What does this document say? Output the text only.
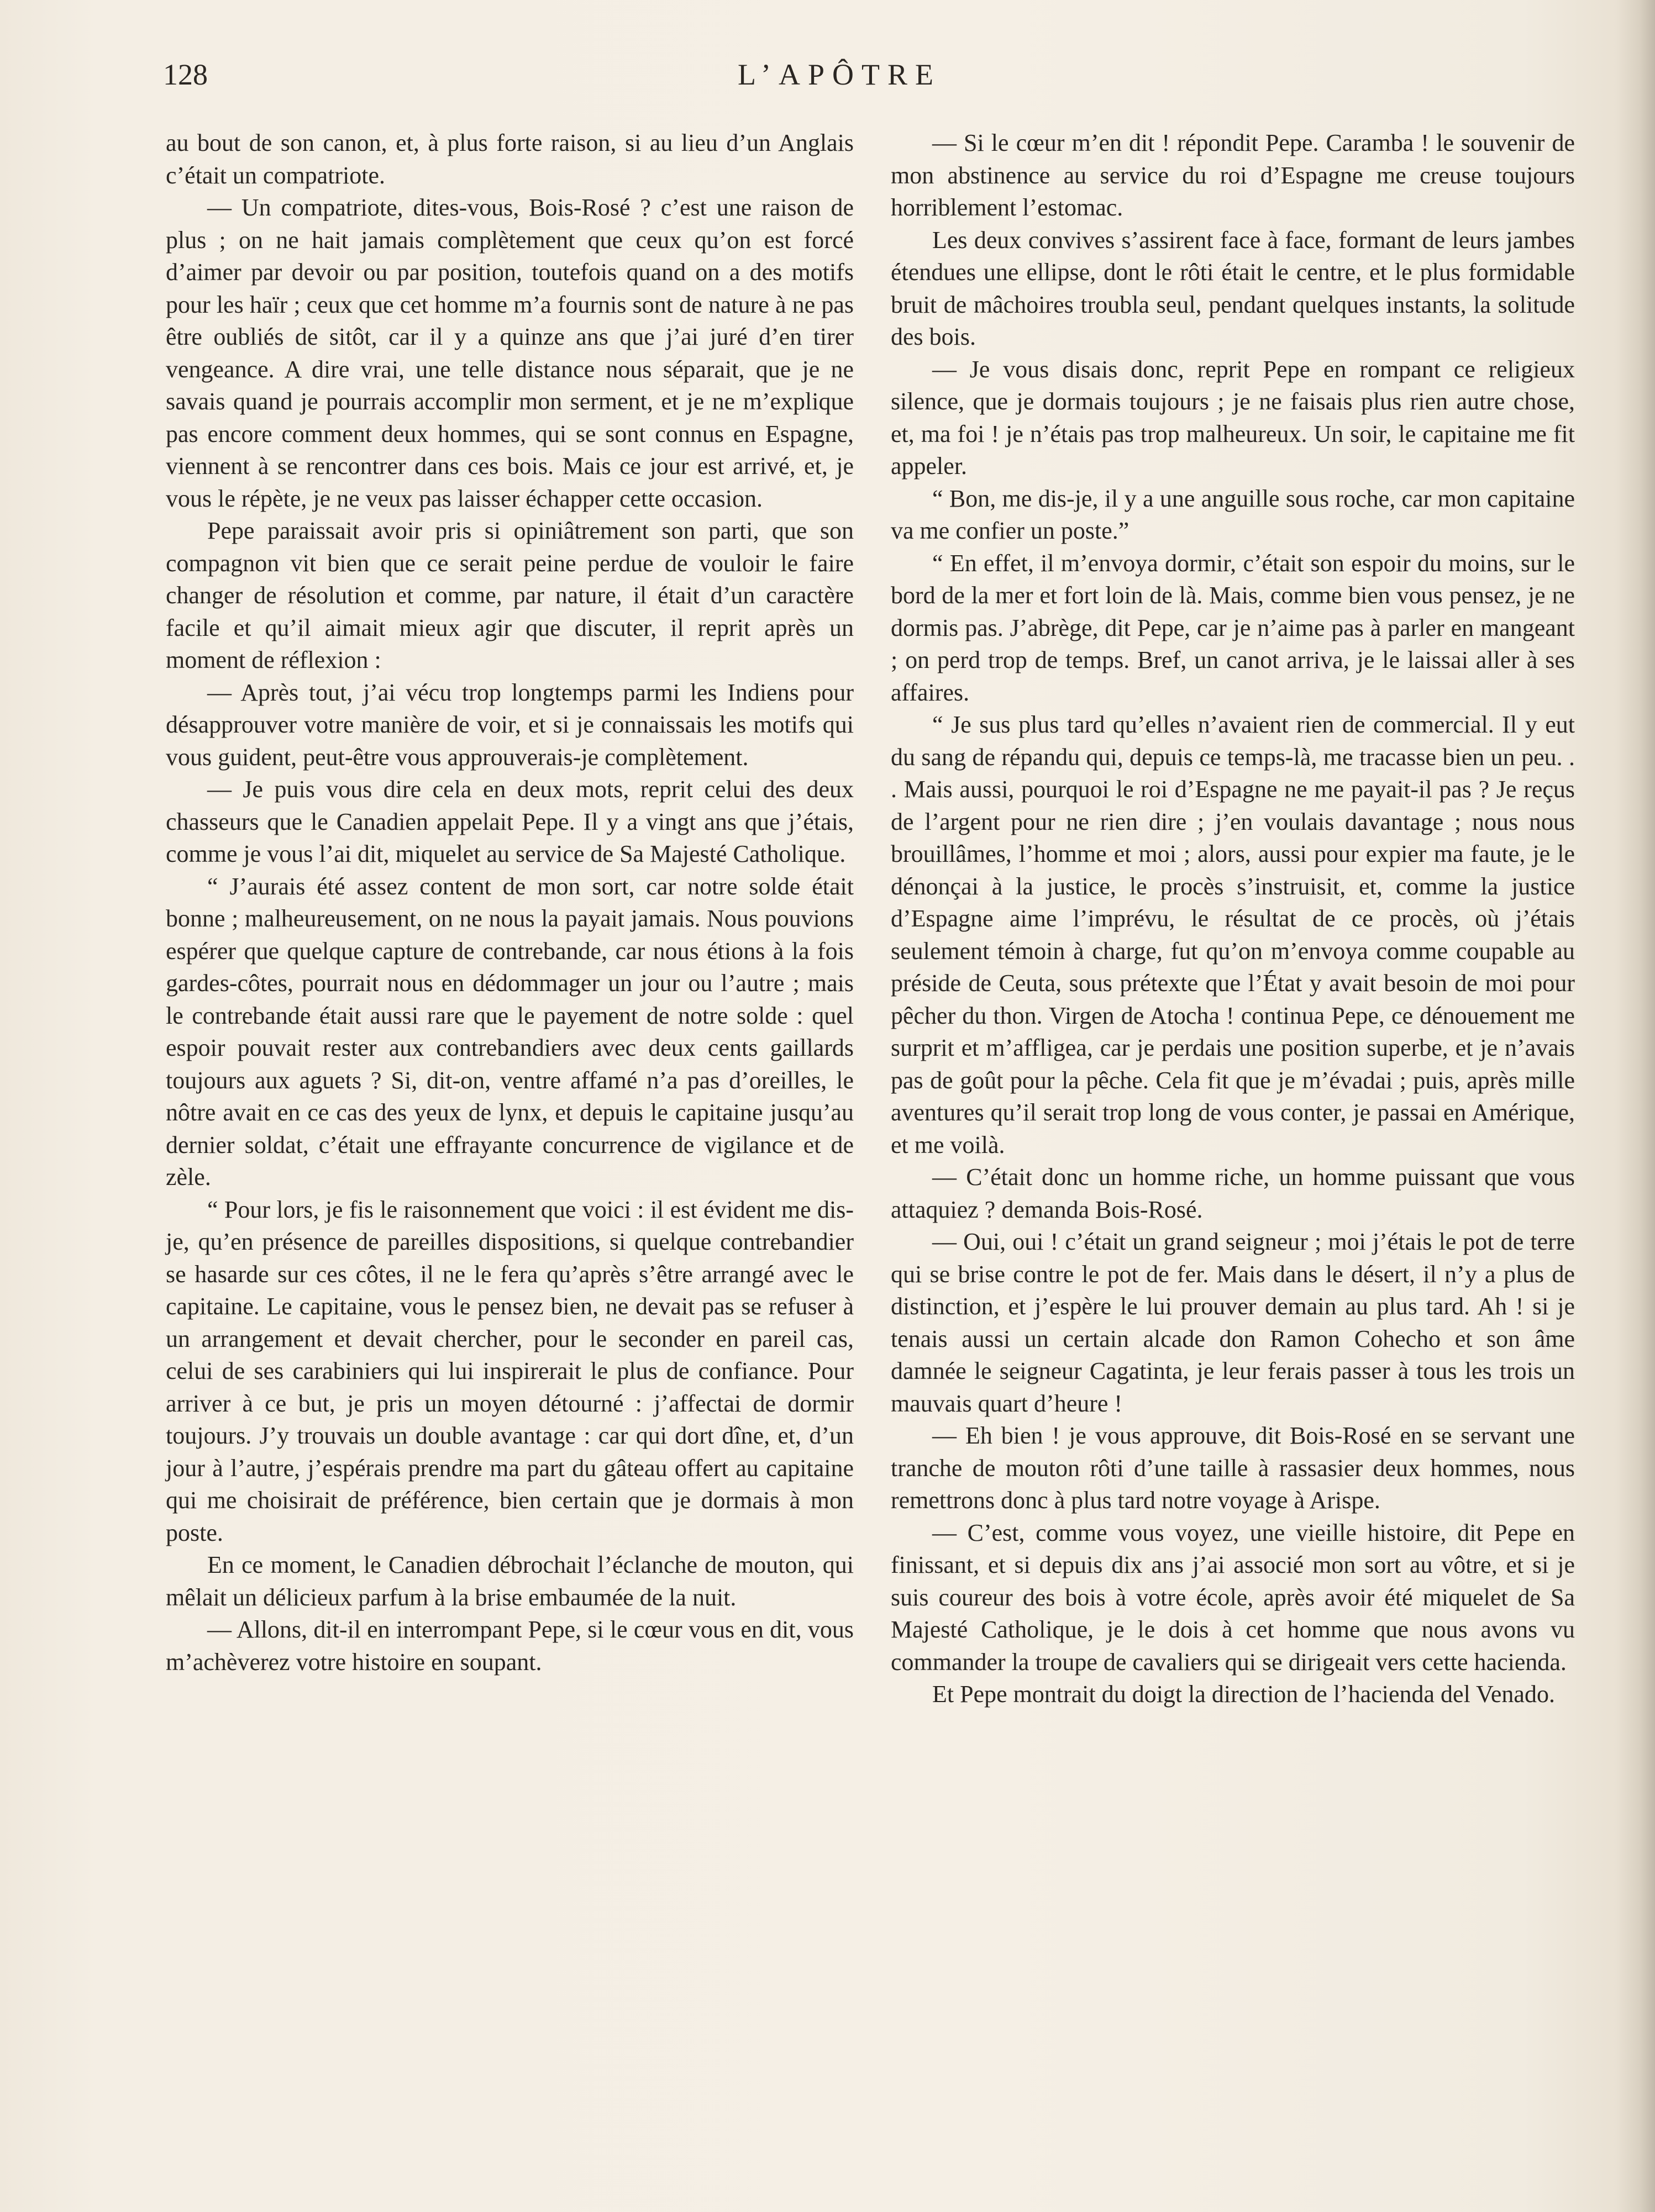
128	L’APÔTRE

au bout de son canon, et, à plus forte raison, si au lieu d’un Anglais c’était un compatriote.

— Un compatriote, dites-vous, Bois-Rosé ? c’est une raison de plus ; on ne hait jamais complètement que ceux qu’on est forcé d’aimer par devoir ou par position, toutefois quand on a des motifs pour les haïr ; ceux que cet homme m’a fournis sont de nature à ne pas être oubliés de sitôt, car il y a quinze ans que j’ai juré d’en tirer vengeance. A dire vrai, une telle distance nous séparait, que je ne savais quand je pourrais accomplir mon serment, et je ne m’explique pas encore comment deux hommes, qui se sont connus en Espagne, viennent à se rencontrer dans ces bois. Mais ce jour est arrivé, et, je vous le répète, je ne veux pas laisser échapper cette occasion.

Pepe paraissait avoir pris si opiniâtrement son parti, que son compagnon vit bien que ce serait peine perdue de vouloir le faire changer de résolution et comme, par nature, il était d’un caractère facile et qu’il aimait mieux agir que discuter, il reprit après un moment de réflexion :

— Après tout, j’ai vécu trop longtemps parmi les Indiens pour désapprouver votre manière de voir, et si je connaissais les motifs qui vous guident, peut-être vous approuverais-je complètement.

— Je puis vous dire cela en deux mots, reprit celui des deux chasseurs que le Canadien appelait Pepe. Il y a vingt ans que j’étais, comme je vous l’ai dit, miquelet au service de Sa Majesté Catholique.

“ J’aurais été assez content de mon sort, car notre solde était bonne ; malheureusement, on ne nous la payait jamais. Nous pouvions espérer que quelque capture de contrebande, car nous étions à la fois gardes-côtes, pourrait nous en dédommager un jour ou l’autre ; mais le contrebande était aussi rare que le payement de notre solde : quel espoir pouvait rester aux contrebandiers avec deux cents gaillards toujours aux aguets ? Si, dit-on, ventre affamé n’a pas d’oreilles, le nôtre avait en ce cas des yeux de lynx, et depuis le capitaine jusqu’au dernier soldat, c’était une effrayante concurrence de vigilance et de zèle.

“ Pour lors, je fis le raisonnement que voici : il est évident me dis-je, qu’en présence de pareilles dispositions, si quelque contrebandier se hasarde sur ces côtes, il ne le fera qu’après s’être arrangé avec le capitaine. Le capitaine, vous le pensez bien, ne devait pas se refuser à un arrangement et devait chercher, pour le seconder en pareil cas, celui de ses carabiniers qui lui inspirerait le plus de confiance. Pour arriver à ce but, je pris un moyen détourné : j’affectai de dormir toujours. J’y trouvais un double avantage : car qui dort dîne, et, d’un jour à l’autre, j’espérais prendre ma part du gâteau offert au capitaine qui me choisirait de préférence, bien certain que je dormais à mon poste.

En ce moment, le Canadien débrochait l’éclanche de mouton, qui mêlait un délicieux parfum à la brise embaumée de la nuit.

— Allons, dit-il en interrompant Pepe, si le cœur vous en dit, vous m’achèverez votre histoire en soupant.

— Si le cœur m’en dit ! répondit Pepe. Caramba ! le souvenir de mon abstinence au service du roi d’Espagne me creuse toujours horriblement l’estomac.

Les deux convives s’assirent face à face, formant de leurs jambes étendues une ellipse, dont le rôti était le centre, et le plus formidable bruit de mâchoires troubla seul, pendant quelques instants, la solitude des bois.

— Je vous disais donc, reprit Pepe en rompant ce religieux silence, que je dormais toujours ; je ne faisais plus rien autre chose, et, ma foi ! je n’étais pas trop malheureux. Un soir, le capitaine me fit appeler.

“ Bon, me dis-je, il y a une anguille sous roche, car mon capitaine va me confier un poste.”

“ En effet, il m’envoya dormir, c’était son espoir du moins, sur le bord de la mer et fort loin de là. Mais, comme bien vous pensez, je ne dormis pas. J’abrège, dit Pepe, car je n’aime pas à parler en mangeant ; on perd trop de temps. Bref, un canot arriva, je le laissai aller à ses affaires.

“ Je sus plus tard qu’elles n’avaient rien de commercial. Il y eut du sang de répandu qui, depuis ce temps-là, me tracasse bien un peu. . . Mais aussi, pourquoi le roi d’Espagne ne me payait-il pas ? Je reçus de l’argent pour ne rien dire ; j’en voulais davantage ; nous nous brouillâmes, l’homme et moi ; alors, aussi pour expier ma faute, je le dénonçai à la justice, le procès s’instruisit, et, comme la justice d’Espagne aime l’imprévu, le résultat de ce procès, où j’étais seulement témoin à charge, fut qu’on m’envoya comme coupable au préside de Ceuta, sous prétexte que l’État y avait besoin de moi pour pêcher du thon. Virgen de Atocha ! continua Pepe, ce dénouement me surprit et m’affligea, car je perdais une position superbe, et je n’avais pas de goût pour la pêche. Cela fit que je m’évadai ; puis, après mille aventures qu’il serait trop long de vous conter, je passai en Amérique, et me voilà.

— C’était donc un homme riche, un homme puissant que vous attaquiez ? demanda Bois-Rosé.

— Oui, oui ! c’était un grand seigneur ; moi j’étais le pot de terre qui se brise contre le pot de fer. Mais dans le désert, il n’y a plus de distinction, et j’espère le lui prouver demain au plus tard. Ah ! si je tenais aussi un certain alcade don Ramon Cohecho et son âme damnée le seigneur Cagatinta, je leur ferais passer à tous les trois un mauvais quart d’heure !

— Eh bien ! je vous approuve, dit Bois-Rosé en se servant une tranche de mouton rôti d’une taille à rassasier deux hommes, nous remettrons donc à plus tard notre voyage à Arispe.

— C’est, comme vous voyez, une vieille histoire, dit Pepe en finissant, et si depuis dix ans j’ai associé mon sort au vôtre, et si je suis coureur des bois à votre école, après avoir été miquelet de Sa Majesté Catholique, je le dois à cet homme que nous avons vu commander la troupe de cavaliers qui se dirigeait vers cette hacienda.

Et Pepe montrait du doigt la direction de l’hacienda del Venado.
